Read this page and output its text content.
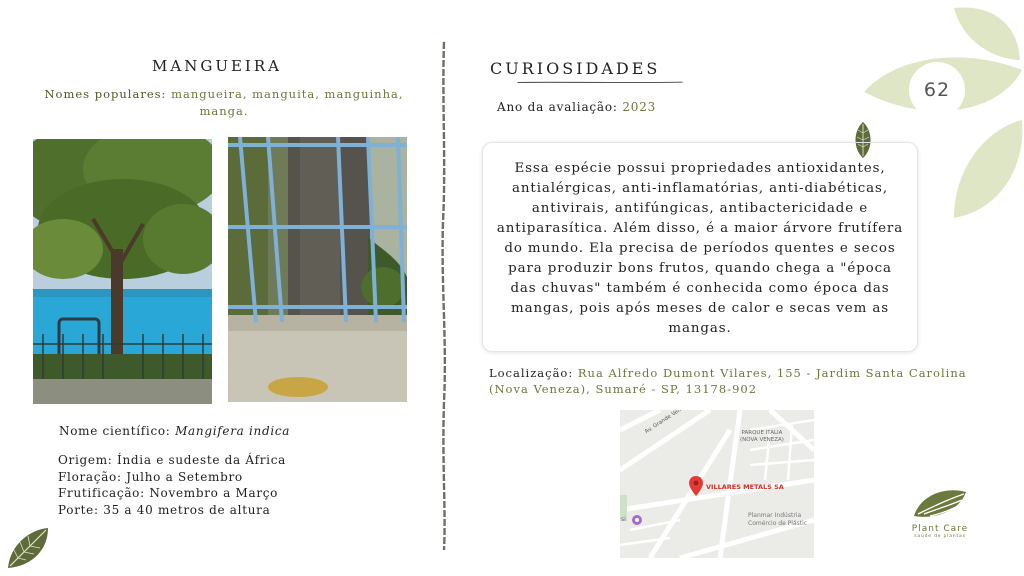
62
MANGUEIRA
Nomes populares: mangueira, manguita, manguinha, manga.
Nome científico: Mangifera indica
Origem: Índia e sudeste da África
Floração: Julho a Setembro
Frutificação: Novembro a Março
Porte: 35 a 40 metros de altura
CURIOSIDADES
Ano da avaliação: 2023

Essa espécie possui propriedades antioxidantes, antialérgicas, anti-inflamatórias, anti-diabéticas, antivirais, antifúngicas, antibactericidade e antiparasítica. Além disso, é a maior árvore frutífera do mundo. Ela precisa de períodos quentes e secos para produzir bons frutos, quando chega a "época das chuvas" também é conhecida como época das mangas, pois após meses de calor e secas vem as mangas.

Localização: Rua Alfredo Dumont Vilares, 155 - Jardim Santa Carolina (Nova Veneza), Sumaré - SP, 13178-902
PARQUE ITALIA (NOVA VENEZA)
VILLARES METALS SA
Planmar Indústria
Comércio de Plástic
si
Plant Care
saúde de plantas
